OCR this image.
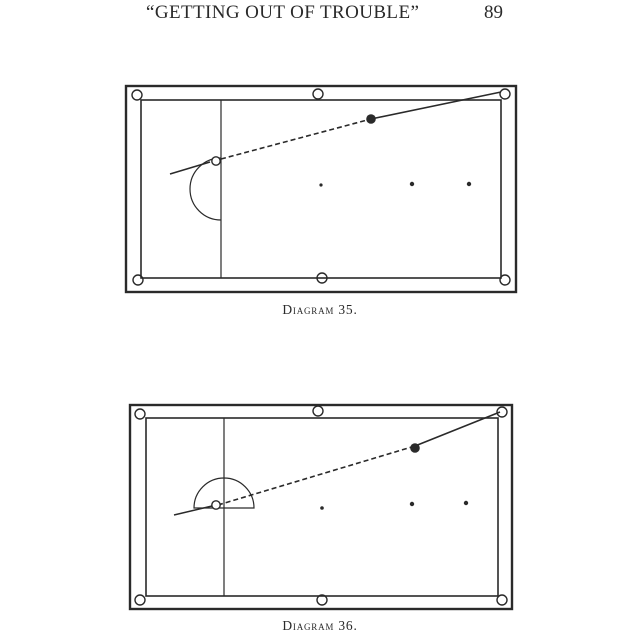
“GETTING OUT OF TROUBLE”	89
Diagram 35.
Diagram 36.
